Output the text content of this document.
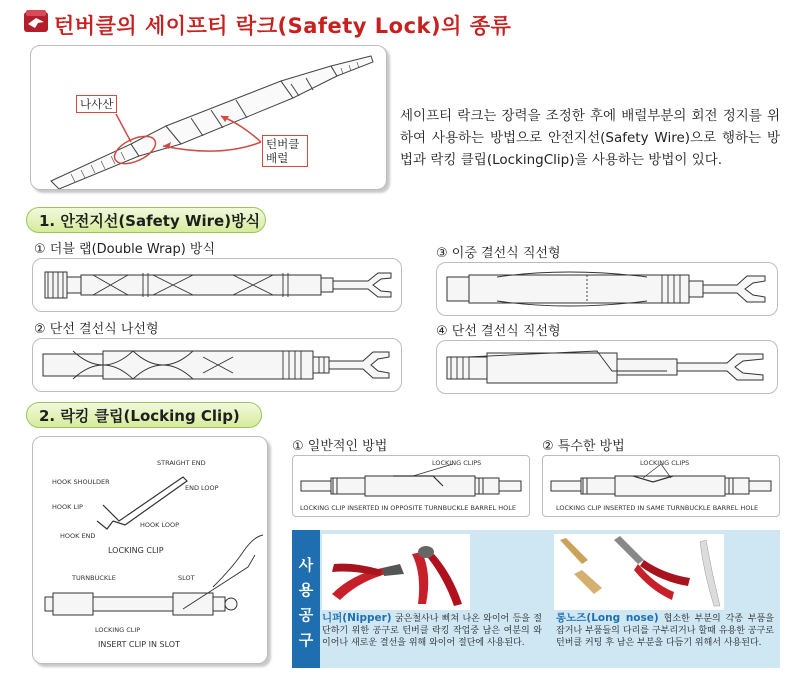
턴버클의 세이프티 락크(Safety Lock)의 종류
나사산
턴버클
배럴
세이프티 락크는 장력을 조정한 후에 배럴부분의 회전 정지를 위하여 사용하는 방법으로 안전지선(Safety Wire)으로 행하는 방법과 락킹 클립(LockingClip)을 사용하는 방법이 있다.
1. 안전지선(Safety Wire)방식
① 더블 랩(Double Wrap) 방식
② 단선 결선식 나선형
③ 이중 결선식 직선형
④ 단선 결선식 직선형
2. 락킹 클립(Locking Clip)
STRAIGHT END
HOOK SHOULDER
END LOOP
HOOK LIP
HOOK LOOP
HOOK END
LOCKING CLIP
TURNBUCKLE	SLOT
LOCKING CLIP
INSERT CLIP IN SLOT
① 일반적인 방법
LOCKING CLIPS
LOCKING CLIP INSERTED IN OPPOSITE TURNBUCKLE BARREL HOLE
② 특수한 방법
LOCKING CLIPS
LOCKING CLIP INSERTED IN SAME TURNBUCKLE BARREL HOLE
사
용
공
구
니퍼(Nipper) 굵은철사나 삐쳐 나온 와이어 등을 절단하기 위한 공구로 턴버클 락킹 작업중 남은 여분의 와이어나 새로운 결선을 위해 와이어 절단에 사용된다.
롱노즈(Long nose) 협소한 부분의 각종 부품을 잡거나 부품들의 다리를 구부리거나 할때 유용한 공구로 턴버클 커팅 후 남은 부분을 다듬기 위해서 사용된다.
